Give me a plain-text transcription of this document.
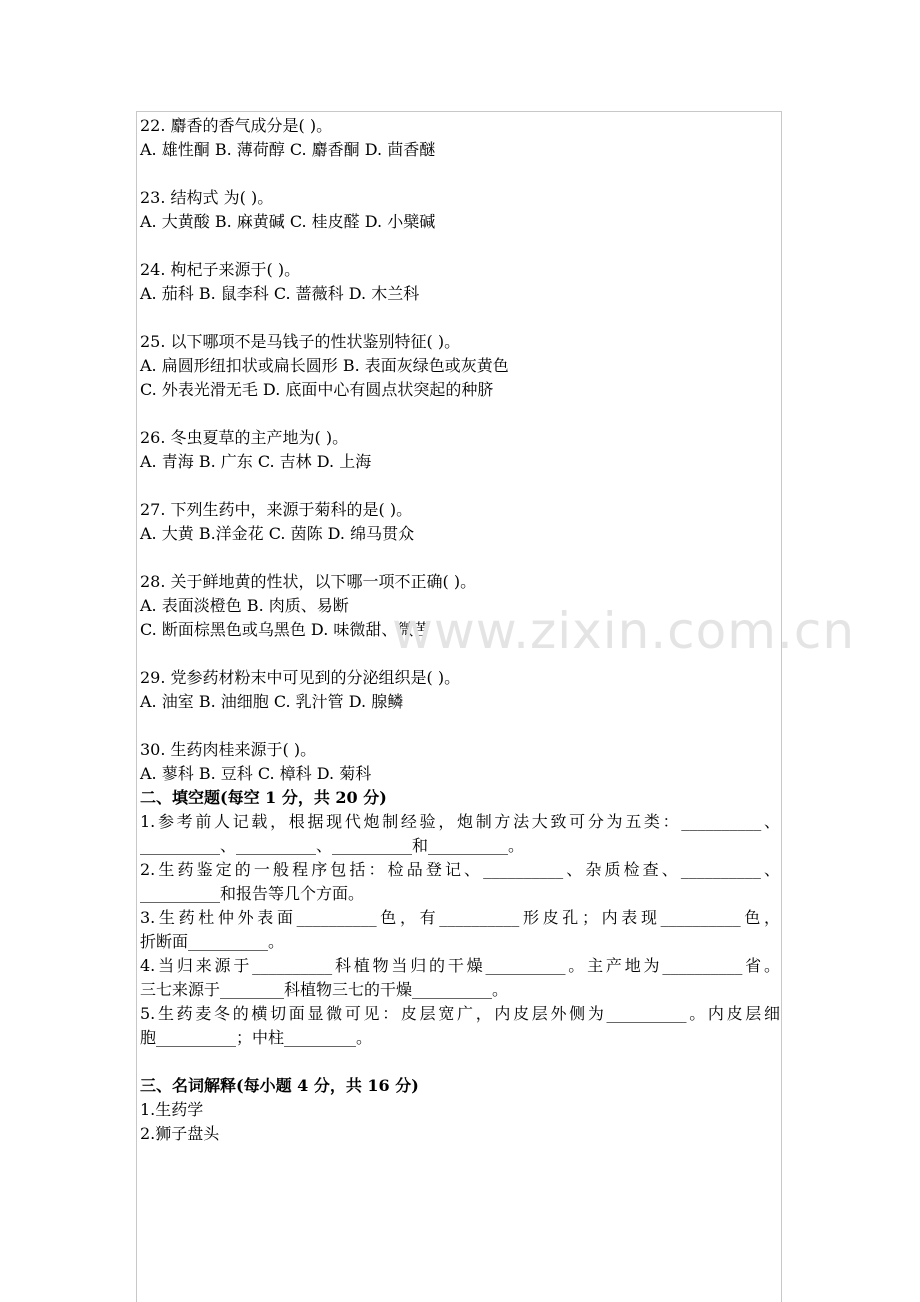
22. 麝香的香气成分是( )。
A. 雄性酮 B. 薄荷醇 C. 麝香酮 D. 茴香醚
23. 结构式 为( )。
A. 大黄酸 B. 麻黄碱 C. 桂皮醛 D. 小檗碱
24. 枸杞子来源于( )。
A. 茄科 B. 鼠李科 C. 蔷薇科 D. 木兰科
25. 以下哪项不是马钱子的性状鉴别特征( )。
A. 扁圆形纽扣状或扁长圆形 B. 表面灰绿色或灰黄色
C. 外表光滑无毛 D. 底面中心有圆点状突起的种脐
26. 冬虫夏草的主产地为( )。
A. 青海 B. 广东 C. 吉林 D. 上海
27. 下列生药中，来源于菊科的是( )。
A. 大黄 B.洋金花 C. 茵陈 D. 绵马贯众
28. 关于鲜地黄的性状，以下哪一项不正确( )。
A. 表面淡橙色 B. 肉质、易断
C. 断面棕黑色或乌黑色 D. 味微甜、微苦
29. 党参药材粉末中可见到的分泌组织是( )。
A. 油室 B. 油细胞 C. 乳汁管 D. 腺鳞
30. 生药肉桂来源于( )。
A. 蓼科 B. 豆科 C. 樟科 D. 菊科
二、填空题(每空 1 分，共 20 分)
1.参考前人记载，根据现代炮制经验，炮制方法大致可分为五类：__________、
__________、__________、__________和__________。
2.生药鉴定的一般程序包括：检品登记、__________、杂质检查、__________、
__________和报告等几个方面。
3.生药杜仲外表面__________色，有__________形皮孔；内表现__________色，
折断面__________。
4.当归来源于__________科植物当归的干燥__________。主产地为__________省。
三七来源于________科植物三七的干燥__________。
5.生药麦冬的横切面显微可见：皮层宽广，内皮层外侧为__________。内皮层细
胞__________；中柱_________。
三、名词解释(每小题 4 分，共 16 分)
1.生药学
2.狮子盘头
www.zixin.com.cn
